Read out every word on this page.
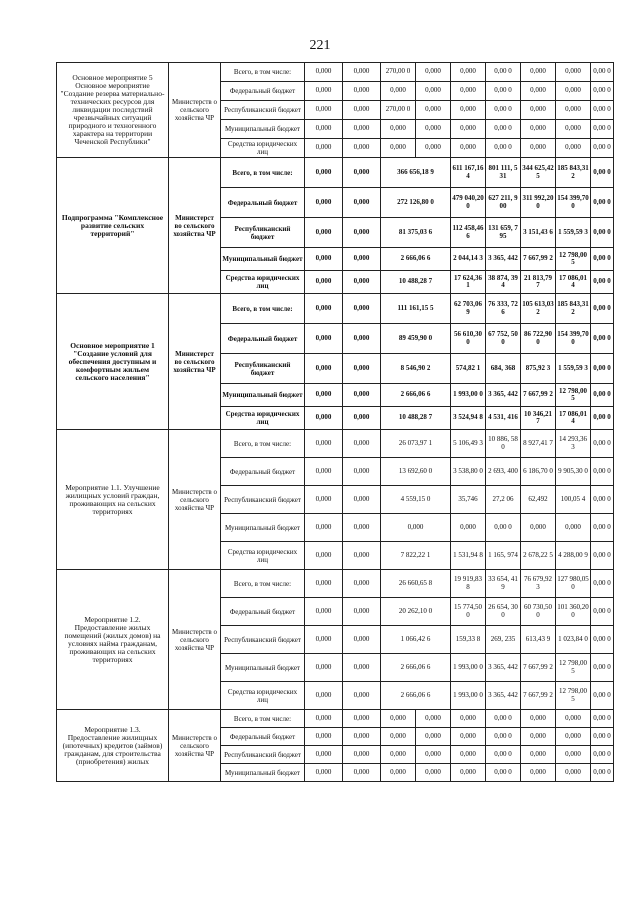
221
Основное мероприятие 5 Основное мероприятие "Создание резерва материально-технических ресурсов для ликвидации последствий чрезвычайных ситуаций природного и техногенного характера на территории Чеченской Республики"	Министерств о сельского хозяйства ЧР	Всего, в том числе:	0,000	0,000	270,00 0	0,000	0,000	0,00 0	0,000	0,000	0,00 0
		Федеральный бюджет	0,000	0,000	0,000	0,000	0,000	0,00 0	0,000	0,000	0,00 0
		Республиканский бюджет	0,000	0,000	270,00 0	0,000	0,000	0,00 0	0,000	0,000	0,00 0
		Муниципальный бюджет	0,000	0,000	0,000	0,000	0,000	0,00 0	0,000	0,000	0,00 0
		Средства юридических лиц	0,000	0,000	0,000	0,000	0,000	0,00 0	0,000	0,000	0,00 0
Подпрограмма "Комплексное развитие сельских территорий"	Министерст во сельского хозяйства ЧР	Всего, в том числе:	0,000	0,000	366 656,18 9		611 167,16 4	801 111, 531	344 625,42 5	185 843,31 2	0,00 0
		Федеральный бюджет	0,000	0,000	272 126,80 0		479 040,20 0	627 211, 900	311 992,20 0	154 399,70 0	0,00 0
		Республиканский бюджет	0,000	0,000	81 375,03 6		112 458,46 6	131 659, 795	3 151,43 6	1 559,59 3	0,00 0
		Муниципальный бюджет	0,000	0,000	2 666,06 6		2 044,14 3	3 365, 442	7 667,99 2	12 798,00 5	0,00 0
		Средства юридических лиц	0,000	0,000	10 488,28 7		17 624,36 1	38 874, 394	21 813,79 7	17 086,01 4	0,00 0
Основное мероприятие 1 "Создание условий для обеспечения доступным и комфортным жильем сельского населения"	Министерст во сельского хозяйства ЧР	Всего, в том числе:	0,000	0,000	111 161,15 5		62 703,06 9	76 333, 726	105 613,03 2	185 843,31 2	0,00 0
		Федеральный бюджет	0,000	0,000	89 459,90 0		56 610,30 0	67 752, 500	86 722,90 0	154 399,70 0	0,00 0
		Республиканский бюджет	0,000	0,000	8 546,90 2		574,82 1	684, 368	875,92 3	1 559,59 3	0,00 0
		Муниципальный бюджет	0,000	0,000	2 666,06 6		1 993,00 0	3 365, 442	7 667,99 2	12 798,00 5	0,00 0
		Средства юридических лиц	0,000	0,000	10 488,28 7		3 524,94 8	4 531, 416	10 346,21 7	17 086,01 4	0,00 0
Мероприятие 1.1. Улучшение жилищных условий граждан, проживающих на сельских территориях	Министерств о сельского хозяйства ЧР	Всего, в том числе:	0,000	0,000	26 073,97 1		5 106,49 3	10 886, 580	8 927,41 7	14 293,36 3	0,00 0
		Федеральный бюджет	0,000	0,000	13 692,60 0		3 538,80 0	2 693, 400	6 186,70 0	9 905,30 0	0,00 0
		Республиканский бюджет	0,000	0,000	4 559,15 0		35,746	27,2 06	62,492	100,05 4	0,00 0
		Муниципальный бюджет	0,000	0,000	0,000		0,000	0,00 0	0,000	0,000	0,00 0
		Средства юридических лиц	0,000	0,000	7 822,22 1		1 531,94 8	1 165, 974	2 678,22 5	4 288,00 9	0,00 0
Мероприятие 1.2. Предоставление жилых помещений (жилых домов) на условиях найма гражданам, проживающих на сельских территориях	Министерств о сельского хозяйства ЧР	Всего, в том числе:	0,000	0,000	26 660,65 8		19 919,83 8	33 654, 419	76 679,92 3	127 980,05 0	0,00 0
		Федеральный бюджет	0,000	0,000	20 262,10 0		15 774,50 0	26 654, 300	60 730,50 0	101 360,20 0	0,00 0
		Республиканский бюджет	0,000	0,000	1 066,42 6		159,33 8	269, 235	613,43 9	1 023,84 0	0,00 0
		Муниципальный бюджет	0,000	0,000	2 666,06 6		1 993,00 0	3 365, 442	7 667,99 2	12 798,00 5	0,00 0
		Средства юридических лиц	0,000	0,000	2 666,06 6		1 993,00 0	3 365, 442	7 667,99 2	12 798,00 5	0,00 0
Мероприятие 1.3. Предоставление жилищных (ипотечных) кредитов (займов) гражданам, для строительства (приобретения) жилых	Министерств о сельского хозяйства ЧР	Всего, в том числе:	0,000	0,000	0,000	0,000	0,000	0,00 0	0,000	0,000	0,00 0
		Федеральный бюджет	0,000	0,000	0,000	0,000	0,000	0,00 0	0,000	0,000	0,00 0
		Республиканский бюджет	0,000	0,000	0,000	0,000	0,000	0,00 0	0,000	0,000	0,00 0
		Муниципальный бюджет	0,000	0,000	0,000	0,000	0,000	0,00 0	0,000	0,000	0,00 0
